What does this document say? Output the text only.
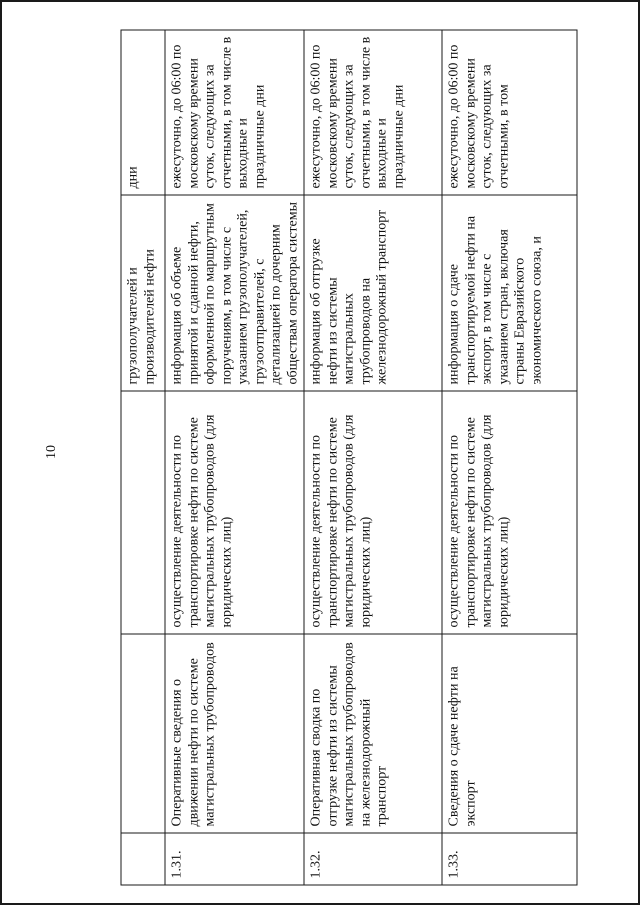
10
			грузополучателей и производителей нефти	дни
1.31.	Оперативные сведения о движении нефти по системе магистральных трубопроводов	осуществление деятельности по транспортировке нефти по системе магистральных трубопроводов (для юридических лиц)	информация об объеме принятой и сданной нефти, оформленной по маршрутным поручениям, в том числе с указанием грузополучателей, грузоотправителей, с детализацией по дочерним обществам оператора системы	ежесуточно, до 06:00 по московскому времени суток, следующих за отчетными, в том числе в выходные и праздничные дни
1.32.	Оперативная сводка по отгрузке нефти из системы магистральных трубопроводов на железнодорожный транспорт	осуществление деятельности по транспортировке нефти по системе магистральных трубопроводов (для юридических лиц)	информация об отгрузке нефти из системы магистральных трубопроводов на железнодорожный транспорт	ежесуточно, до 06:00 по московскому времени суток, следующих за отчетными, в том числе в выходные и праздничные дни
1.33.	Сведения о сдаче нефти на экспорт	осуществление деятельности по транспортировке нефти по системе магистральных трубопроводов (для юридических лиц)	информация о сдаче транспортируемой нефти на экспорт, в том числе с указанием стран, включая страны Евразийского экономического союза, и	ежесуточно, до 06:00 по московскому времени суток, следующих за отчетными, в том
